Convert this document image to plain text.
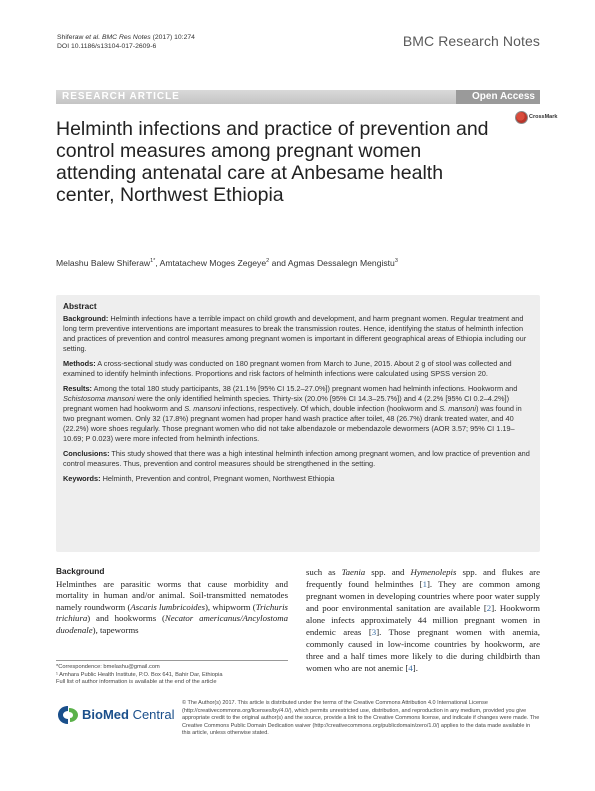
Shiferaw et al. BMC Res Notes (2017) 10:274
DOI 10.1186/s13104-017-2609-6	BMC Research Notes
RESEARCH ARTICLE	Open Access
Helminth infections and practice of prevention and control measures among pregnant women attending antenatal care at Anbesame health center, Northwest Ethiopia
CrossMark
Melashu Balew Shiferaw$^{1*}$, Amtatachew Moges Zegeye$^2$ and Agmas Dessalegn Mengistu$^3$
Abstract

Background: Helminth infections have a terrible impact on child growth and development, and harm pregnant women. Regular treatment and long term preventive interventions are important measures to break the transmission routes. Hence, identifying the status of helminth infection and practices of prevention and control measures among pregnant women is important in different geographical areas of Ethiopia including our setting.

Methods: A cross-sectional study was conducted on 180 pregnant women from March to June, 2015. About 2 g of stool was collected and examined to identify helminth infections. Proportions and risk factors of helminth infections were calculated using SPSS version 20.

Results: Among the total 180 study participants, 38 (21.1% [95% CI 15.2–27.0%]) pregnant women had helminth infections. Hookworm and Schistosoma mansoni were the only identified helminth species. Thirty-six (20.0% [95% CI 14.3–25.7%]) and 4 (2.2% [95% CI 0.2–4.2%]) pregnant women had hookworm and S. mansoni infections, respectively. Of which, double infection (hookworm and S. mansoni) was found in two pregnant women. Only 32 (17.8%) pregnant women had proper hand wash practice after toilet, 48 (26.7%) drank treated water, and 40 (22.2%) wore shoes regularly. Those pregnant women who did not take albendazole or mebendazole dewormers (AOR 3.57; 95% CI 1.19–10.69; P 0.023) were more infected from helminth infections.

Conclusions: This study showed that there was a high intestinal helminth infection among pregnant women, and low practice of prevention and control measures. Thus, prevention and control measures should be strengthened in the setting.

Keywords: Helminth, Prevention and control, Pregnant women, Northwest Ethiopia

Background
Helminthes are parasitic worms that cause morbidity and mortality in human and/or animal. Soil-transmitted nematodes namely roundworm (Ascaris lumbricoides), whipworm (Trichuris trichiura) and hookworms (Necator americanus/Ancylostoma duodenale), tapeworms
such as Taenia spp. and Hymenolepis spp. and flukes are frequently found helminthes [1]. They are common among pregnant women in developing countries where poor water supply and poor environmental sanitation are available [2]. Hookworm alone infects approximately 44 million pregnant women in endemic areas [3]. Those pregnant women with anemia, commonly caused in low-income countries by hookworm, are three and a half times more likely to die during childbirth than women who are not anemic [4].
*Correspondence: bmelashu@gmail.com
¹ Amhara Public Health Institute, P.O. Box 641, Bahir Dar, Ethiopia
Full list of author information is available at the end of the article
BioMed Central
© The Author(s) 2017. This article is distributed under the terms of the Creative Commons Attribution 4.0 International License (http://creativecommons.org/licenses/by/4.0/), which permits unrestricted use, distribution, and reproduction in any medium, provided you give appropriate credit to the original author(s) and the source, provide a link to the Creative Commons license, and indicate if changes were made. The Creative Commons Public Domain Dedication waiver (http://creativecommons.org/publicdomain/zero/1.0/) applies to the data made available in this article, unless otherwise stated.
